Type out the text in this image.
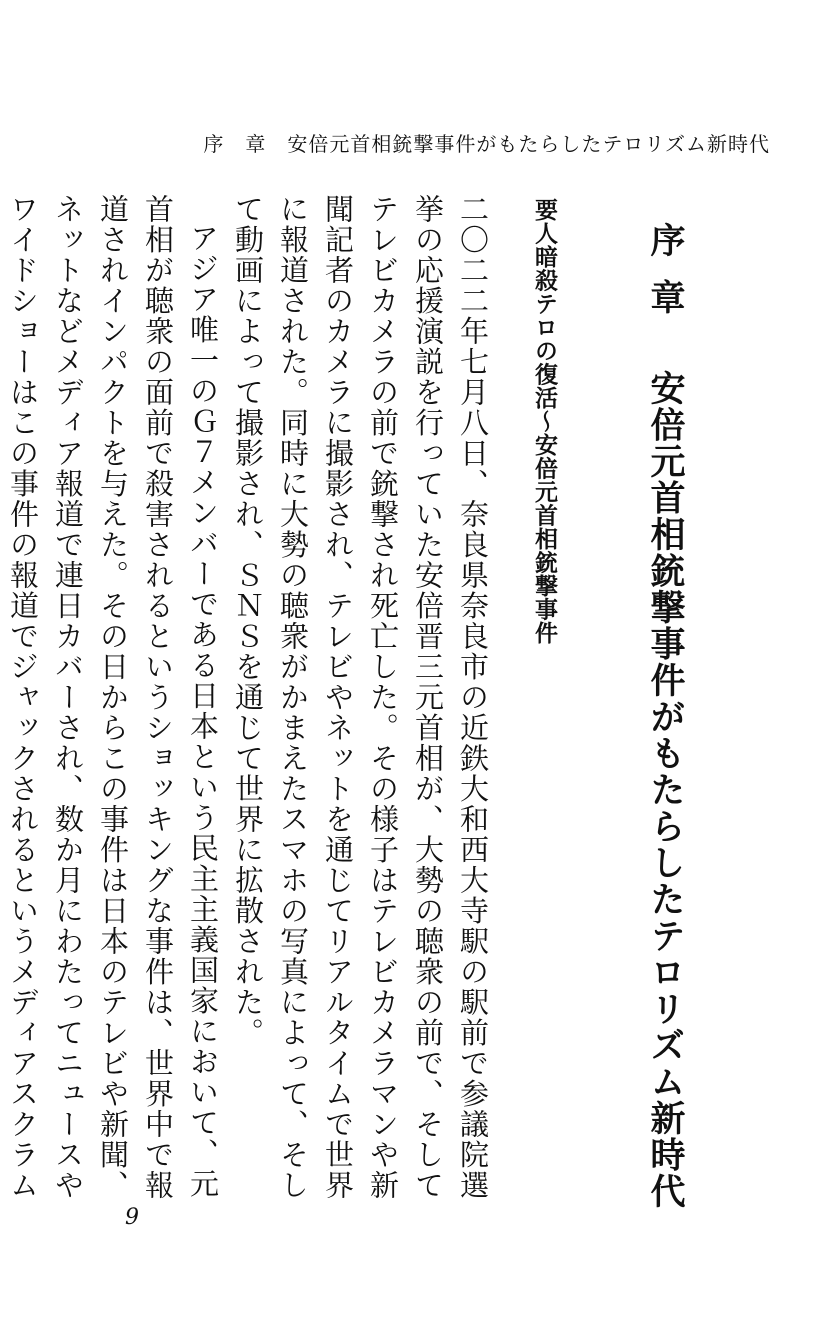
序　章　安倍元首相銃撃事件がもたらしたテロリズム新時代
序章安倍元首相銃撃事件がもたらしたテロリズム新時代
要人暗殺テロの復活〜安倍元首相銃撃事件

二〇二二年七月八日、奈良県奈良市の近鉄大和西大寺駅の駅前で参議院選挙の応援演説を行っていた安倍晋三元首相が、大勢の聴衆の前で、そしてテレビカメラの前で銃撃され死亡した。その様子はテレビカメラマンや新聞記者のカメラに撮影され、テレビやネットを通じてリアルタイムで世界に報道された。同時に大勢の聴衆がかまえたスマホの写真によって、そして動画によって撮影され、ＳＮＳを通じて世界に拡散された。

アジア唯一のＧ７メンバーである日本という民主主義国家において、元首相が聴衆の面前で殺害されるというショッキングな事件は、世界中で報道されインパクトを与えた。その日からこの事件は日本のテレビや新聞、ネットなどメディア報道で連日カバーされ、数か月にわたってニュースやワイドショーはこの事件の報道でジャックされるというメディアスクラム

9
